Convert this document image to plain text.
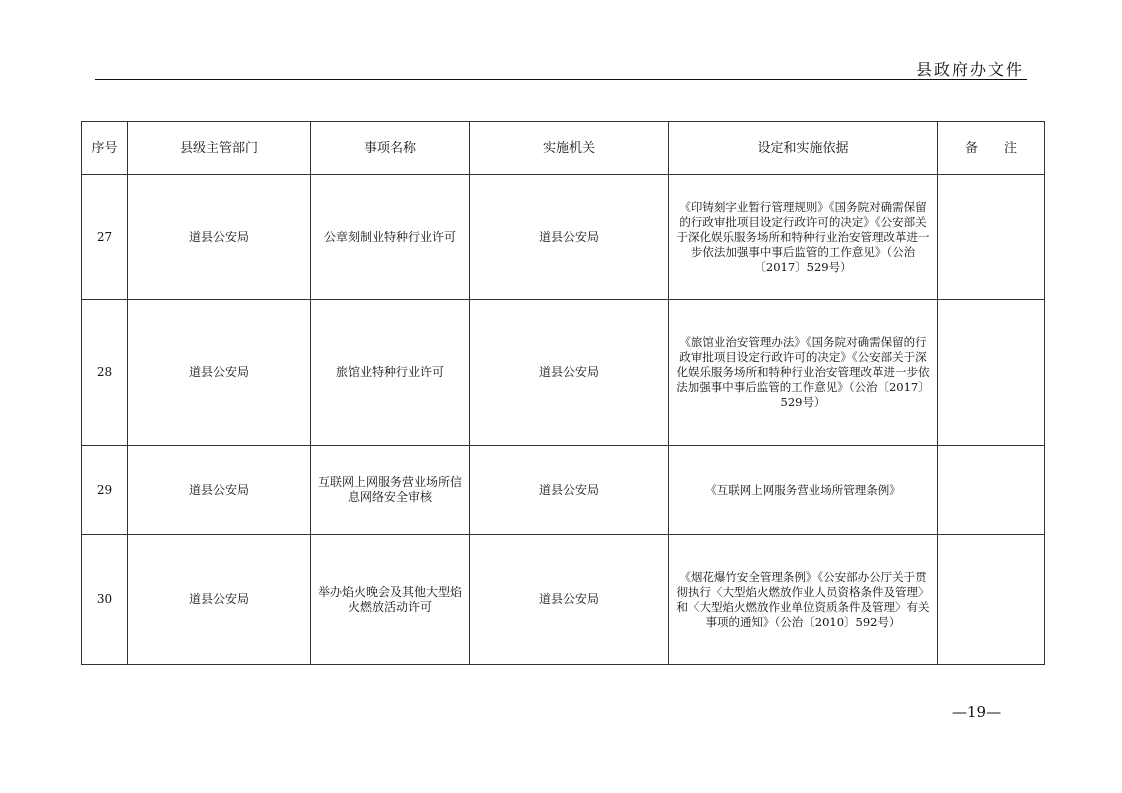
县政府办文件
序号	县级主管部门	事项名称	实施机关	设定和实施依据	备　　注
27	道县公安局	公章刻制业特种行业许可	道县公安局	《印铸刻字业暂行管理规则》《国务院对确需保留的行政审批项目设定行政许可的决定》《公安部关于深化娱乐服务场所和特种行业治安管理改革进一步依法加强事中事后监管的工作意见》（公治〔2017〕529号）	
28	道县公安局	旅馆业特种行业许可	道县公安局	《旅馆业治安管理办法》《国务院对确需保留的行政审批项目设定行政许可的决定》《公安部关于深化娱乐服务场所和特种行业治安管理改革进一步依法加强事中事后监管的工作意见》（公治〔2017〕529号）	
29	道县公安局	互联网上网服务营业场所信息网络安全审核	道县公安局	《互联网上网服务营业场所管理条例》	
30	道县公安局	举办焰火晚会及其他大型焰火燃放活动许可	道县公安局	《烟花爆竹安全管理条例》《公安部办公厅关于贯彻执行〈大型焰火燃放作业人员资格条件及管理〉和〈大型焰火燃放作业单位资质条件及管理〉有关事项的通知》（公治〔2010〕592号）	
—19—
